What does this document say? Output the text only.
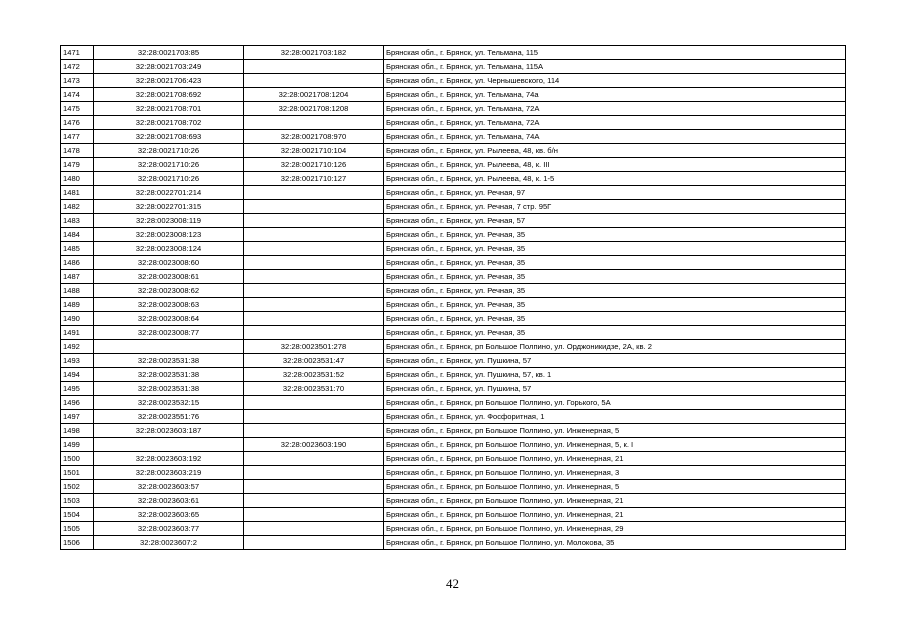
1471	32:28:0021703:85	32:28:0021703:182	Брянская обл., г. Брянск, ул. Тельмана, 115
1472	32:28:0021703:249		Брянская обл., г. Брянск, ул. Тельмана, 115А
1473	32:28:0021706:423		Брянская обл., г. Брянск, ул. Чернышевского, 114
1474	32:28:0021708:692	32:28:0021708:1204	Брянская обл., г. Брянск, ул. Тельмана, 74а
1475	32:28:0021708:701	32:28:0021708:1208	Брянская обл., г. Брянск, ул. Тельмана, 72А
1476	32:28:0021708:702		Брянская обл., г. Брянск, ул. Тельмана, 72А
1477	32:28:0021708:693	32:28:0021708:970	Брянская обл., г. Брянск, ул. Тельмана, 74А
1478	32:28:0021710:26	32:28:0021710:104	Брянская обл., г. Брянск, ул. Рылеева, 48, кв. б/н
1479	32:28:0021710:26	32:28:0021710:126	Брянская обл., г. Брянск, ул. Рылеева, 48, к. III
1480	32:28:0021710:26	32:28:0021710:127	Брянская обл., г. Брянск, ул. Рылеева, 48, к. 1-5
1481	32:28:0022701:214		Брянская обл., г. Брянск, ул. Речная, 97
1482	32:28:0022701:315		Брянская обл., г. Брянск, ул. Речная, 7 стр. 95Г
1483	32:28:0023008:119		Брянская обл., г. Брянск, ул. Речная, 57
1484	32:28:0023008:123		Брянская обл., г. Брянск, ул. Речная, 35
1485	32:28:0023008:124		Брянская обл., г. Брянск, ул. Речная, 35
1486	32:28:0023008:60		Брянская обл., г. Брянск, ул. Речная, 35
1487	32:28:0023008:61		Брянская обл., г. Брянск, ул. Речная, 35
1488	32:28:0023008:62		Брянская обл., г. Брянск, ул. Речная, 35
1489	32:28:0023008:63		Брянская обл., г. Брянск, ул. Речная, 35
1490	32:28:0023008:64		Брянская обл., г. Брянск, ул. Речная, 35
1491	32:28:0023008:77		Брянская обл., г. Брянск, ул. Речная, 35
1492		32:28:0023501:278	Брянская обл., г. Брянск, рп Большое Полпино, ул. Орджоникидзе, 2А, кв. 2
1493	32:28:0023531:38	32:28:0023531:47	Брянская обл., г. Брянск, ул. Пушкина, 57
1494	32:28:0023531:38	32:28:0023531:52	Брянская обл., г. Брянск, ул. Пушкина, 57, кв. 1
1495	32:28:0023531:38	32:28:0023531:70	Брянская обл., г. Брянск, ул. Пушкина, 57
1496	32:28:0023532:15		Брянская обл., г. Брянск, рп Большое Полпино, ул. Горького, 5А
1497	32:28:0023551:76		Брянская обл., г. Брянск, ул. Фосфоритная, 1
1498	32:28:0023603:187		Брянская обл., г. Брянск, рп Большое Полпино, ул. Инженерная, 5
1499		32:28:0023603:190	Брянская обл., г. Брянск, рп Большое Полпино, ул. Инженерная, 5, к. I
1500	32:28:0023603:192		Брянская обл., г. Брянск, рп Большое Полпино, ул. Инженерная, 21
1501	32:28:0023603:219		Брянская обл., г. Брянск, рп Большое Полпино, ул. Инженерная, 3
1502	32:28:0023603:57		Брянская обл., г. Брянск, рп Большое Полпино, ул. Инженерная, 5
1503	32:28:0023603:61		Брянская обл., г. Брянск, рп Большое Полпино, ул. Инженерная, 21
1504	32:28:0023603:65		Брянская обл., г. Брянск, рп Большое Полпино, ул. Инженерная, 21
1505	32:28:0023603:77		Брянская обл., г. Брянск, рп Большое Полпино, ул. Инженерная, 29
1506	32:28:0023607:2		Брянская обл., г. Брянск, рп Большое Полпино, ул. Молокова, 35
42
